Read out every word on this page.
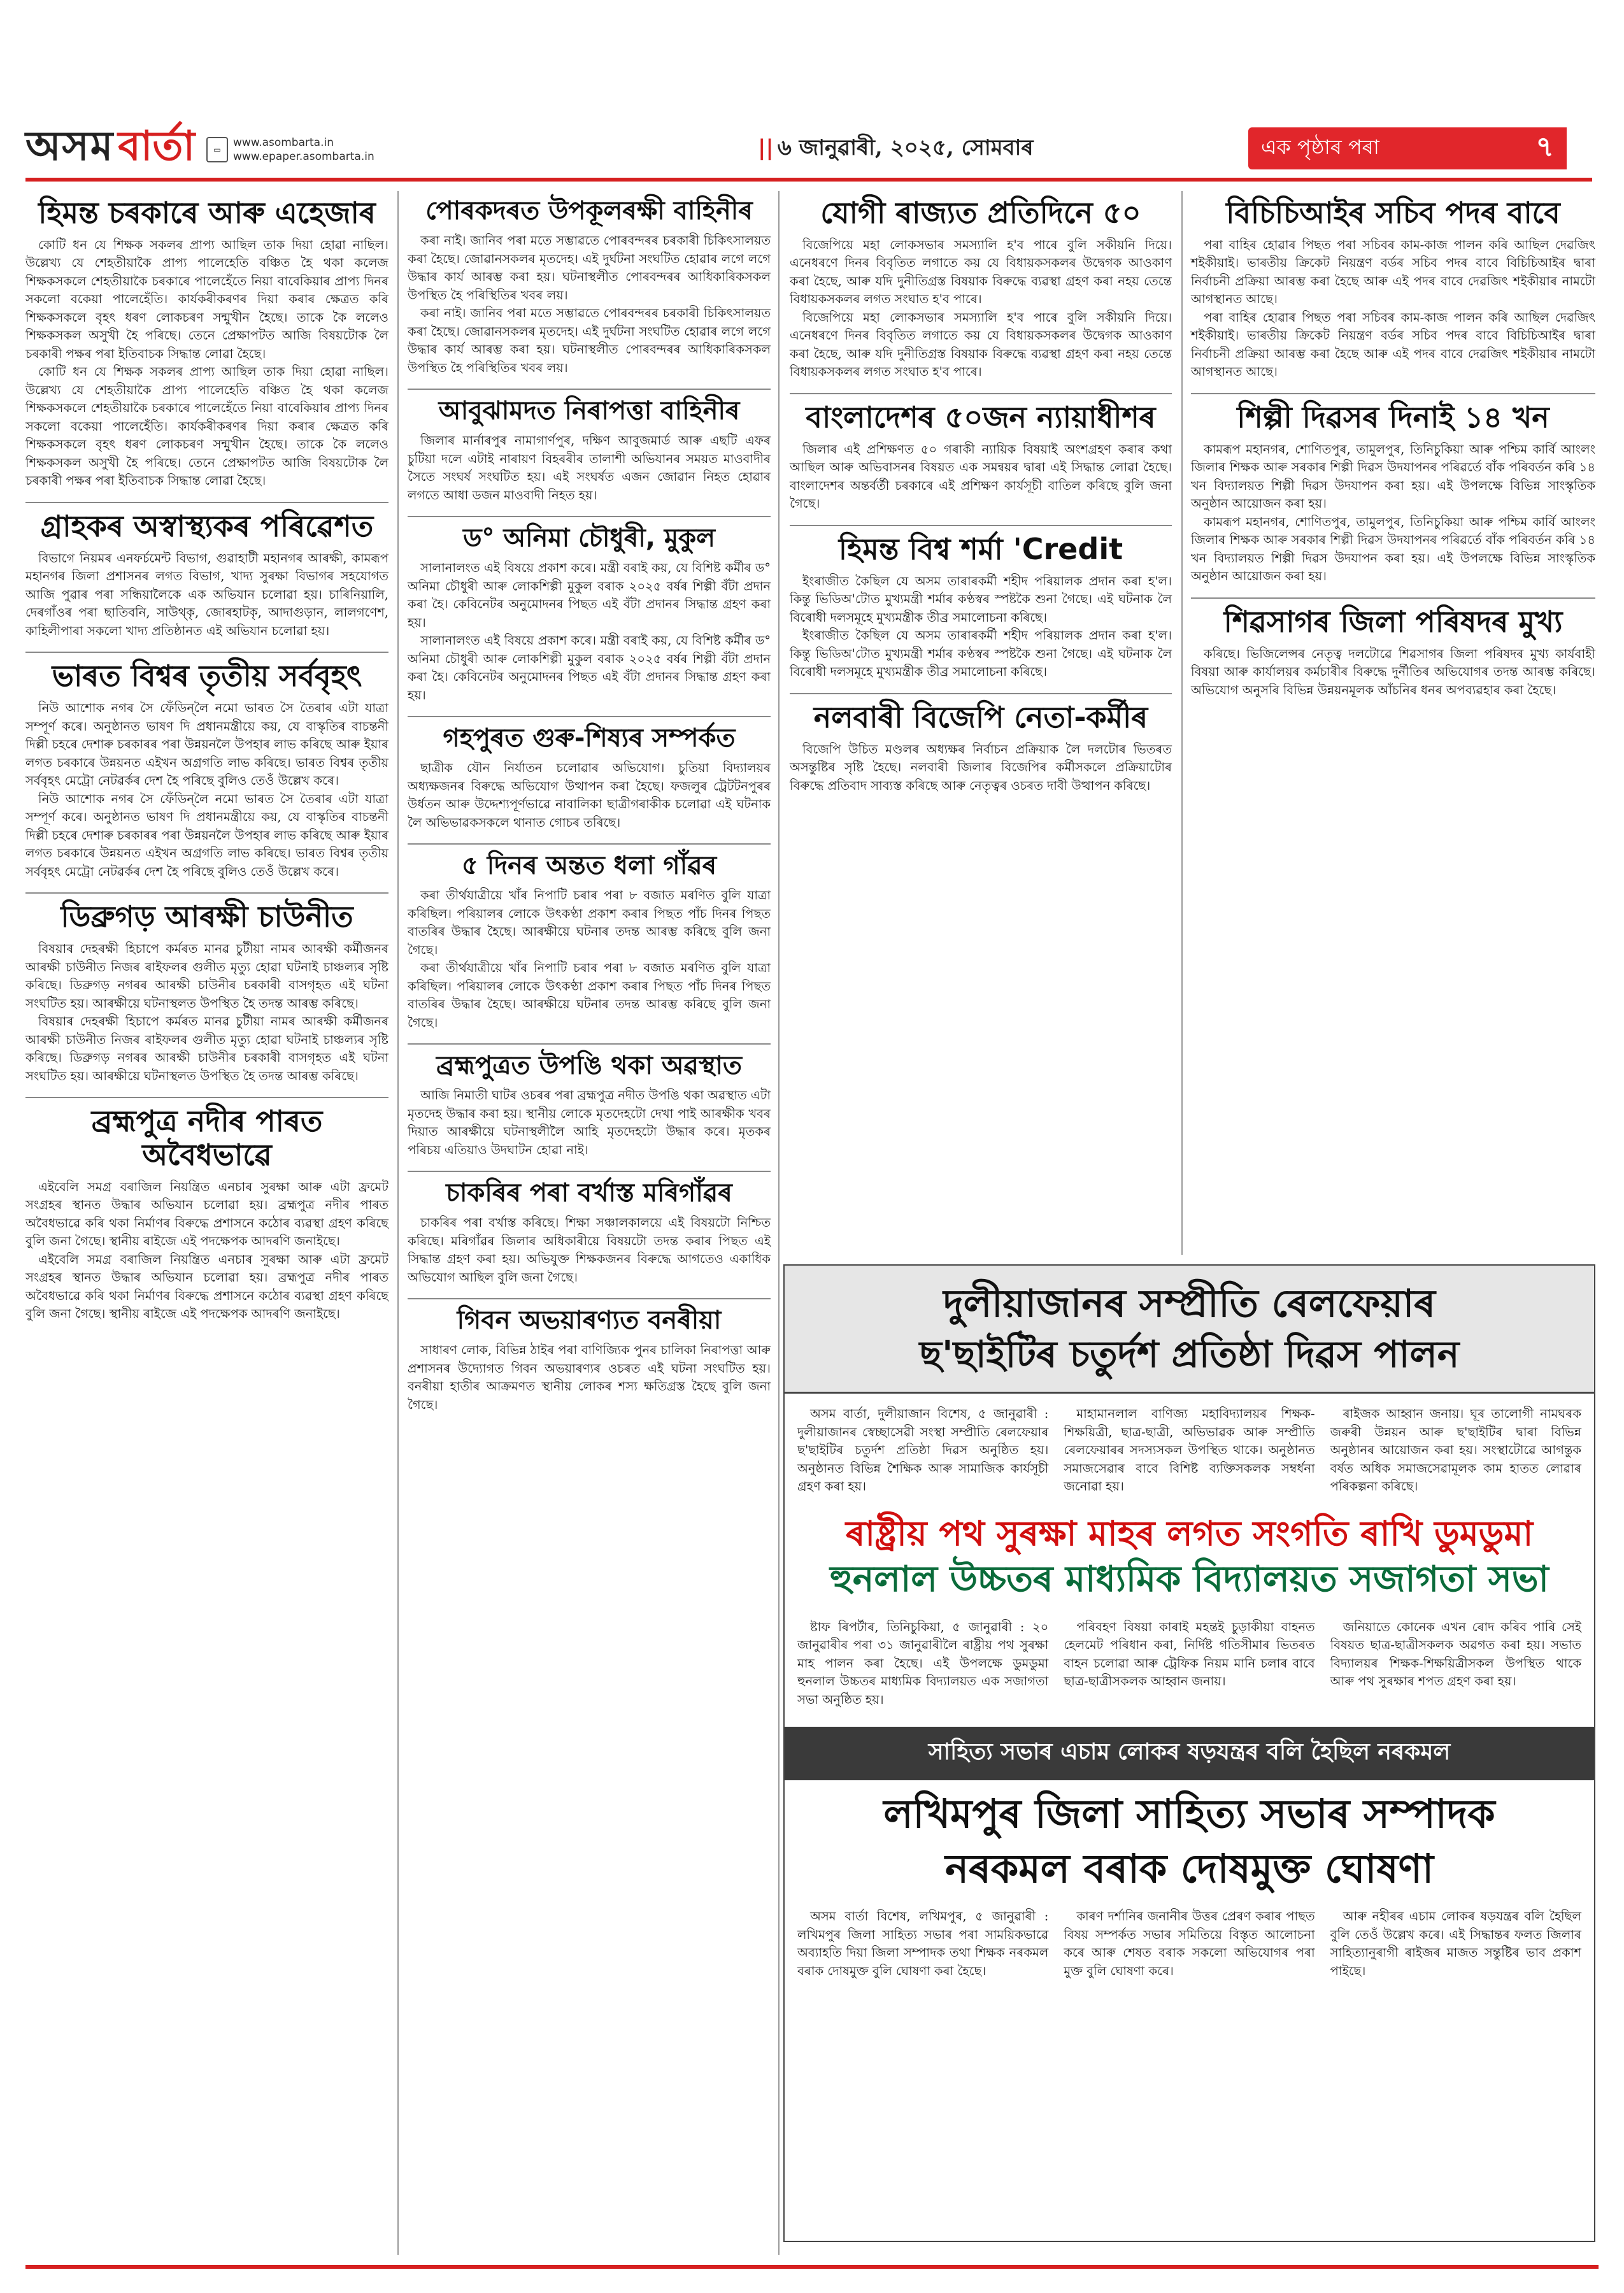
অসম বাৰ্তা	▭
www.asombarta.in
www.epaper.asombarta.in	|| ৬ জানুৱাৰী, ২০২৫, সোমবাৰ	এক পৃষ্ঠাৰ পৰা	৭
হিমন্ত চৰকাৰে আৰু এহেজাৰ

কোটি ধন যে শিক্ষক সকলৰ প্ৰাপ্য আছিল তাক দিয়া হোৱা নাছিল। উল্লেখ্য যে শেহতীয়াকৈ প্ৰাপ্য পালেহেতি বঞ্চিত হৈ থকা কলেজ শিক্ষকসকলে শেহতীয়াকৈ চৰকাৰে পালেহেঁতে নিয়া বাবেকিয়াৰ প্ৰাপ্য দিনৰ সকলো বকেয়া পালেহেঁতি। কাৰ্যকৰীকৰণৰ দিয়া কৰাৰ ক্ষেত্ৰত কৰি শিক্ষকসকলে বৃহৎ ধৰণ লোকচৰণ সন্মুখীন হৈছে। তাকে কৈ ললেও শিক্ষকসকল অসুখী হৈ পৰিছে। তেনে প্ৰেক্ষাপটত আজি বিষয়টোক লৈ চৰকাৰী পক্ষৰ পৰা ইতিবাচক সিদ্ধান্ত লোৱা হৈছে।

কোটি ধন যে শিক্ষক সকলৰ প্ৰাপ্য আছিল তাক দিয়া হোৱা নাছিল। উল্লেখ্য যে শেহতীয়াকৈ প্ৰাপ্য পালেহেতি বঞ্চিত হৈ থকা কলেজ শিক্ষকসকলে শেহতীয়াকৈ চৰকাৰে পালেহেঁতে নিয়া বাবেকিয়াৰ প্ৰাপ্য দিনৰ সকলো বকেয়া পালেহেঁতি। কাৰ্যকৰীকৰণৰ দিয়া কৰাৰ ক্ষেত্ৰত কৰি শিক্ষকসকলে বৃহৎ ধৰণ লোকচৰণ সন্মুখীন হৈছে। তাকে কৈ ললেও শিক্ষকসকল অসুখী হৈ পৰিছে। তেনে প্ৰেক্ষাপটত আজি বিষয়টোক লৈ চৰকাৰী পক্ষৰ পৰা ইতিবাচক সিদ্ধান্ত লোৱা হৈছে।

গ্ৰাহকৰ অস্বাস্থ্যকৰ পৰিৱেশত

বিভাগে নিয়মৰ এনফৰ্চমেন্ট বিভাগ, গুৱাহাটী মহানগৰ আৰক্ষী, কামৰূপ মহানগৰ জিলা প্ৰশাসনৰ লগত বিভাগ, খাদ্য সুৰক্ষা বিভাগৰ সহযোগত আজি পুৱাৰ পৰা সন্ধিয়ালৈকে এক অভিযান চলোৱা হয়। চাৰিনিয়ালি, দেৰগাঁওৰ পৰা ছাতিবনি, সাউথ্‌কৃ, জোৰহাটকৃ, আদাগুড়ান, লালগণেশ, কাহিলীপাৰা সকলো খাদ্য প্ৰতিষ্ঠানত এই অভিযান চলোৱা হয়।

ভাৰত বিশ্বৰ তৃতীয় সৰ্ববৃহৎ

নিউ আশোক নগৰ সৈ ফেঁডিন্‌লৈ নমো ভাৰত সৈ তৈৰাৰ এটা যাত্ৰা সম্পূৰ্ণ কৰে। অনুষ্ঠানত ভাষণ দি প্ৰধানমন্ত্ৰীয়ে কয়, যে বাস্কৃতিৰ বাচন্তনী দিল্লী চহৰে দেশাৰু চৰকাৰৰ পৰা উন্নয়নলৈ উপহাৰ লাভ কৰিছে আৰু ইয়াৰ লগত চৰকাৰে উন্নয়নত এইখন অগ্ৰগতি লাভ কৰিছে। ভাৰত বিশ্বৰ তৃতীয় সৰ্ববৃহৎ মেট্ৰো নেটৱৰ্কৰ দেশ হৈ পৰিছে বুলিও তেওঁ উল্লেখ কৰে।

নিউ আশোক নগৰ সৈ ফেঁডিন্‌লৈ নমো ভাৰত সৈ তৈৰাৰ এটা যাত্ৰা সম্পূৰ্ণ কৰে। অনুষ্ঠানত ভাষণ দি প্ৰধানমন্ত্ৰীয়ে কয়, যে বাস্কৃতিৰ বাচন্তনী দিল্লী চহৰে দেশাৰু চৰকাৰৰ পৰা উন্নয়নলৈ উপহাৰ লাভ কৰিছে আৰু ইয়াৰ লগত চৰকাৰে উন্নয়নত এইখন অগ্ৰগতি লাভ কৰিছে। ভাৰত বিশ্বৰ তৃতীয় সৰ্ববৃহৎ মেট্ৰো নেটৱৰ্কৰ দেশ হৈ পৰিছে বুলিও তেওঁ উল্লেখ কৰে।

ডিব্ৰুগড় আৰক্ষী চাউনীত

বিষয়াৰ দেহৰক্ষী হিচাপে কৰ্মৰত মানৱ চুটীয়া নামৰ আৰক্ষী কৰ্মীজনৰ আৰক্ষী চাউনীত নিজৰ ৰাইফলৰ গুলীত মৃত্যু হোৱা ঘটনাই চাঞ্চল্যৰ সৃষ্টি কৰিছে। ডিব্ৰুগড় নগৰৰ আৰক্ষী চাউনীৰ চৰকাৰী বাসগৃহত এই ঘটনা সংঘটিত হয়। আৰক্ষীয়ে ঘটনাস্থলত উপস্থিত হৈ তদন্ত আৰম্ভ কৰিছে।

বিষয়াৰ দেহৰক্ষী হিচাপে কৰ্মৰত মানৱ চুটীয়া নামৰ আৰক্ষী কৰ্মীজনৰ আৰক্ষী চাউনীত নিজৰ ৰাইফলৰ গুলীত মৃত্যু হোৱা ঘটনাই চাঞ্চল্যৰ সৃষ্টি কৰিছে। ডিব্ৰুগড় নগৰৰ আৰক্ষী চাউনীৰ চৰকাৰী বাসগৃহত এই ঘটনা সংঘটিত হয়। আৰক্ষীয়ে ঘটনাস্থলত উপস্থিত হৈ তদন্ত আৰম্ভ কৰিছে।

ব্ৰহ্মপুত্ৰ নদীৰ পাৰত অবৈধভাৱে

এইবেলি সমগ্ৰ বৰাজিল নিয়ন্ত্ৰিত এনচাৰ সুৰক্ষা আৰু এটা ফ্ৰমেট সংগ্ৰহৰ স্থানত উদ্ধাৰ অভিযান চলোৱা হয়। ব্ৰহ্মপুত্ৰ নদীৰ পাৰত অবৈধভাৱে কৰি থকা নিৰ্মাণৰ বিৰুদ্ধে প্ৰশাসনে কঠোৰ ব্যৱস্থা গ্ৰহণ কৰিছে বুলি জনা গৈছে। স্থানীয় ৰাইজে এই পদক্ষেপক আদৰণি জনাইছে।

এইবেলি সমগ্ৰ বৰাজিল নিয়ন্ত্ৰিত এনচাৰ সুৰক্ষা আৰু এটা ফ্ৰমেট সংগ্ৰহৰ স্থানত উদ্ধাৰ অভিযান চলোৱা হয়। ব্ৰহ্মপুত্ৰ নদীৰ পাৰত অবৈধভাৱে কৰি থকা নিৰ্মাণৰ বিৰুদ্ধে প্ৰশাসনে কঠোৰ ব্যৱস্থা গ্ৰহণ কৰিছে বুলি জনা গৈছে। স্থানীয় ৰাইজে এই পদক্ষেপক আদৰণি জনাইছে।

পোৰকদৰত উপকূলৰক্ষী বাহিনীৰ

কৰা নাই। জানিব পৰা মতে সম্ভাৱতে পোৰবন্দৰৰ চৰকাৰী চিকিৎসালয়ত কৰা হৈছে। জোৱানসকলৰ মৃতদেহ। এই দুৰ্ঘটনা সংঘটিত হোৱাৰ লগে লগে উদ্ধাৰ কাৰ্য আৰম্ভ কৰা হয়। ঘটনাস্থলীত পোৰবন্দৰৰ আধিকাৰিকসকল উপস্থিত হৈ পৰিস্থিতিৰ খবৰ লয়।

কৰা নাই। জানিব পৰা মতে সম্ভাৱতে পোৰবন্দৰৰ চৰকাৰী চিকিৎসালয়ত কৰা হৈছে। জোৱানসকলৰ মৃতদেহ। এই দুৰ্ঘটনা সংঘটিত হোৱাৰ লগে লগে উদ্ধাৰ কাৰ্য আৰম্ভ কৰা হয়। ঘটনাস্থলীত পোৰবন্দৰৰ আধিকাৰিকসকল উপস্থিত হৈ পৰিস্থিতিৰ খবৰ লয়।

আবুঝামদত নিৰাপত্তা বাহিনীৰ

জিলাৰ মাৰ্নাৰপুৰ নামাগাৰ্ণপুৰ, দক্ষিণ আবুজমাৰ্ড আৰু এছটি এফৰ চুটিয়া দলে এটাই নাৰায়ণ বিহৰৰীৰ তালাশী অভিযানৰ সময়ত মাওবাদীৰ সৈতে সংঘৰ্ষ সংঘটিত হয়। এই সংঘৰ্ষত এজন জোৱান নিহত হোৱাৰ লগতে আধা ডজন মাওবাদী নিহত হয়।

ড° অনিমা চৌধুৰী, মুকুল

সালানালংত এই বিষয়ে প্ৰকাশ কৰে। মন্ত্ৰী বৰাই কয়, যে বিশিষ্ট কৰ্মীৰ ড° অনিমা চৌধুৰী আৰু লোকশিল্পী মুকুল বৰাক ২০২৫ বৰ্ষৰ শিল্পী বঁটা প্ৰদান কৰা হৈ। কেবিনেটৰ অনুমোদনৰ পিছত এই বঁটা প্ৰদানৰ সিদ্ধান্ত গ্ৰহণ কৰা হয়।

সালানালংত এই বিষয়ে প্ৰকাশ কৰে। মন্ত্ৰী বৰাই কয়, যে বিশিষ্ট কৰ্মীৰ ড° অনিমা চৌধুৰী আৰু লোকশিল্পী মুকুল বৰাক ২০২৫ বৰ্ষৰ শিল্পী বঁটা প্ৰদান কৰা হৈ। কেবিনেটৰ অনুমোদনৰ পিছত এই বঁটা প্ৰদানৰ সিদ্ধান্ত গ্ৰহণ কৰা হয়।

গহপুৰত গুৰু-শিষ্যৰ সম্পৰ্কত

ছাত্ৰীক যৌন নিৰ্যাতন চলোৱাৰ অভিযোগ। চুতিয়া বিদ্যালয়ৰ অধ্যক্ষজনৰ বিৰুদ্ধে অভিযোগ উত্থাপন কৰা হৈছে। ফজলুৰ ট্ৰেটটনপুৰৰ উৰ্ধতন আৰু উদ্দেশ্যপূৰ্ণভাৱে নাবালিকা ছাত্ৰীগৰাকীক চলোৱা এই ঘটনাক লৈ অভিভাৱকসকলে থানাত গোচৰ তৰিছে।

৫ দিনৰ অন্তত ধলা গাঁৱৰ

কৰা তীৰ্থযাত্ৰীয়ে খাঁৰ নিপাটি চৰাৰ পৰা ৮ বজাত মৰণিত বুলি যাত্ৰা কৰিছিল। পৰিয়ালৰ লোকে উৎকণ্ঠা প্ৰকাশ কৰাৰ পিছত পাঁচ দিনৰ পিছত বাতৰিৰ উদ্ধাৰ হৈছে। আৰক্ষীয়ে ঘটনাৰ তদন্ত আৰম্ভ কৰিছে বুলি জনা গৈছে।

কৰা তীৰ্থযাত্ৰীয়ে খাঁৰ নিপাটি চৰাৰ পৰা ৮ বজাত মৰণিত বুলি যাত্ৰা কৰিছিল। পৰিয়ালৰ লোকে উৎকণ্ঠা প্ৰকাশ কৰাৰ পিছত পাঁচ দিনৰ পিছত বাতৰিৰ উদ্ধাৰ হৈছে। আৰক্ষীয়ে ঘটনাৰ তদন্ত আৰম্ভ কৰিছে বুলি জনা গৈছে।

ব্ৰহ্মপুত্ৰত উপঙি থকা অৱস্থাত

আজি নিমাতী ঘাটৰ ওচৰৰ পৰা ব্ৰহ্মপুত্ৰ নদীত উপঙি থকা অৱস্থাত এটা মৃতদেহ উদ্ধাৰ কৰা হয়। স্থানীয় লোকে মৃতদেহটো দেখা পাই আৰক্ষীক খবৰ দিয়াত আৰক্ষীয়ে ঘটনাস্থলীলৈ আহি মৃতদেহটো উদ্ধাৰ কৰে। মৃতকৰ পৰিচয় এতিয়াও উদঘাটন হোৱা নাই।

চাকৰিৰ পৰা বৰ্খাস্ত মৰিগাঁৱৰ

চাকৰিৰ পৰা বৰ্খাস্ত কৰিছে। শিক্ষা সঞ্চালকালয়ে এই বিষয়টো নিশ্চিত কৰিছে। মৰিগাঁৱৰ জিলাৰ অধিকাৰীয়ে বিষয়টো তদন্ত কৰাৰ পিছত এই সিদ্ধান্ত গ্ৰহণ কৰা হয়। অভিযুক্ত শিক্ষকজনৰ বিৰুদ্ধে আগতেও একাধিক অভিযোগ আছিল বুলি জনা গৈছে।

গিবন অভয়াৰণ্যত বনৰীয়া

সাধাৰণ লোক, বিভিন্ন ঠাইৰ পৰা বাণিজ্যিক পুনৰ চালিকা নিৰাপত্তা আৰু প্ৰশাসনৰ উদ্যোগত গিবন অভয়াৰণ্যৰ ওচৰত এই ঘটনা সংঘটিত হয়। বনৰীয়া হাতীৰ আক্ৰমণত স্থানীয় লোকৰ শস্য ক্ষতিগ্ৰস্ত হৈছে বুলি জনা গৈছে।

যোগী ৰাজ্যত প্ৰতিদিনে ৫০

বিজেপিয়ে মহা লোকসভাৰ সমস্যালি হ'ব পাৰে বুলি সকীয়নি দিয়ে। এনেধৰণে দিনৰ বিবৃতিত লগাতে কয় যে বিধায়কসকলৰ উদ্বেগক আওকাণ কৰা হৈছে, আৰু যদি দুনীতিগ্ৰস্ত বিষয়াক বিৰুদ্ধে ব্যৱস্থা গ্ৰহণ কৰা নহয় তেন্তে বিধায়কসকলৰ লগত সংঘাত হ'ব পাৰে।

বিজেপিয়ে মহা লোকসভাৰ সমস্যালি হ'ব পাৰে বুলি সকীয়নি দিয়ে। এনেধৰণে দিনৰ বিবৃতিত লগাতে কয় যে বিধায়কসকলৰ উদ্বেগক আওকাণ কৰা হৈছে, আৰু যদি দুনীতিগ্ৰস্ত বিষয়াক বিৰুদ্ধে ব্যৱস্থা গ্ৰহণ কৰা নহয় তেন্তে বিধায়কসকলৰ লগত সংঘাত হ'ব পাৰে।

বাংলাদেশৰ ৫০জন ন্যায়াধীশৰ

জিলাৰ এই প্ৰশিক্ষণত ৫০ গৰাকী ন্যায়িক বিষয়াই অংশগ্ৰহণ কৰাৰ কথা আছিল আৰু অভিবাসনৰ বিষয়ত এক সমন্বয়ৰ দ্বাৰা এই সিদ্ধান্ত লোৱা হৈছে। বাংলাদেশৰ অন্তৰ্বৰ্তী চৰকাৰে এই প্ৰশিক্ষণ কাৰ্যসূচী বাতিল কৰিছে বুলি জনা গৈছে।

হিমন্ত বিশ্ব শৰ্মা 'Credit

ইংৰাজীত কৈছিল যে অসম তাৰাৰকৰ্মী শহীদ পৰিয়ালক প্ৰদান কৰা হ'ল। কিন্তু ভিডিঅ'টোত মুখ্যমন্ত্ৰী শৰ্মাৰ কণ্ঠস্বৰ স্পষ্টকৈ শুনা গৈছে। এই ঘটনাক লৈ বিৰোধী দলসমূহে মুখ্যমন্ত্ৰীক তীব্ৰ সমালোচনা কৰিছে।

ইংৰাজীত কৈছিল যে অসম তাৰাৰকৰ্মী শহীদ পৰিয়ালক প্ৰদান কৰা হ'ল। কিন্তু ভিডিঅ'টোত মুখ্যমন্ত্ৰী শৰ্মাৰ কণ্ঠস্বৰ স্পষ্টকৈ শুনা গৈছে। এই ঘটনাক লৈ বিৰোধী দলসমূহে মুখ্যমন্ত্ৰীক তীব্ৰ সমালোচনা কৰিছে।

নলবাৰী বিজেপি নেতা-কৰ্মীৰ

বিজেপি উচিত মণ্ডলৰ অধ্যক্ষৰ নিৰ্বাচন প্ৰক্ৰিয়াক লৈ দলটোৰ ভিতৰত অসন্তুষ্টিৰ সৃষ্টি হৈছে। নলবাৰী জিলাৰ বিজেপিৰ কৰ্মীসকলে প্ৰক্ৰিয়াটোৰ বিৰুদ্ধে প্ৰতিবাদ সাব্যস্ত কৰিছে আৰু নেতৃত্বৰ ওচৰত দাবী উত্থাপন কৰিছে।

বিচিচিআইৰ সচিব পদৰ বাবে

পৰা বাহিৰ হোৱাৰ পিছত পৰা সচিবৰ কাম-কাজ পালন কৰি আছিল দেৱজিৎ শইকীয়াই। ভাৰতীয় ক্ৰিকেট নিয়ন্ত্ৰণ বৰ্ডৰ সচিব পদৰ বাবে বিচিচিআইৰ দ্বাৰা নিৰ্বাচনী প্ৰক্ৰিয়া আৰম্ভ কৰা হৈছে আৰু এই পদৰ বাবে দেৱজিৎ শইকীয়াৰ নামটো আগস্থানত আছে।

পৰা বাহিৰ হোৱাৰ পিছত পৰা সচিবৰ কাম-কাজ পালন কৰি আছিল দেৱজিৎ শইকীয়াই। ভাৰতীয় ক্ৰিকেট নিয়ন্ত্ৰণ বৰ্ডৰ সচিব পদৰ বাবে বিচিচিআইৰ দ্বাৰা নিৰ্বাচনী প্ৰক্ৰিয়া আৰম্ভ কৰা হৈছে আৰু এই পদৰ বাবে দেৱজিৎ শইকীয়াৰ নামটো আগস্থানত আছে।

শিল্পী দিৱসৰ দিনাই ১৪ খন

কামৰূপ মহানগৰ, শোণিতপুৰ, তামুলপুৰ, তিনিচুকিয়া আৰু পশ্চিম কাৰ্বি আংলং জিলাৰ শিক্ষক আৰু সৰকাৰ শিল্পী দিৱস উদযাপনৰ পৰিৱৰ্তে বাঁক পৰিবৰ্তন কৰি ১৪ খন বিদ্যালয়ত শিল্পী দিৱস উদযাপন কৰা হয়। এই উপলক্ষে বিভিন্ন সাংস্কৃতিক অনুষ্ঠান আয়োজন কৰা হয়।

কামৰূপ মহানগৰ, শোণিতপুৰ, তামুলপুৰ, তিনিচুকিয়া আৰু পশ্চিম কাৰ্বি আংলং জিলাৰ শিক্ষক আৰু সৰকাৰ শিল্পী দিৱস উদযাপনৰ পৰিৱৰ্তে বাঁক পৰিবৰ্তন কৰি ১৪ খন বিদ্যালয়ত শিল্পী দিৱস উদযাপন কৰা হয়। এই উপলক্ষে বিভিন্ন সাংস্কৃতিক অনুষ্ঠান আয়োজন কৰা হয়।

শিৱসাগৰ জিলা পৰিষদৰ মুখ্য

কৰিছে। ভিজিলেন্সৰ নেতৃত্ব দলটোৱে শিৱসাগৰ জিলা পৰিষদৰ মুখ্য কাৰ্যবাহী বিষয়া আৰু কাৰ্যালয়ৰ কৰ্মচাৰীৰ বিৰুদ্ধে দুৰ্নীতিৰ অভিযোগৰ তদন্ত আৰম্ভ কৰিছে। অভিযোগ অনুসৰি বিভিন্ন উন্নয়নমূলক আঁচনিৰ ধনৰ অপব্যৱহাৰ কৰা হৈছে।

দুলীয়াজানৰ সম্প্ৰীতি ৰেলফেয়াৰ
ছ'ছাইটিৰ চতুৰ্দশ প্ৰতিষ্ঠা দিৱস পালন

অসম বাৰ্তা, দুলীয়াজান বিশেষ, ৫ জানুৱাৰী : দুলীয়াজানৰ স্বেচ্ছাসেৱী সংস্থা সম্প্ৰীতি ৰেলফেয়াৰ ছ'ছাইটিৰ চতুৰ্দশ প্ৰতিষ্ঠা দিৱস অনুষ্ঠিত হয়। অনুষ্ঠানত বিভিন্ন শৈক্ষিক আৰু সামাজিক কাৰ্যসূচী গ্ৰহণ কৰা হয়।

মাহামানলাল বাণিজ্য মহাবিদ্যালয়ৰ শিক্ষক-শিক্ষয়িত্ৰী, ছাত্ৰ-ছাত্ৰী, অভিভাৱক আৰু সম্প্ৰীতি ৰেলফেয়াৰৰ সদস্যসকল উপস্থিত থাকে। অনুষ্ঠানত সমাজসেৱাৰ বাবে বিশিষ্ট ব্যক্তিসকলক সম্বৰ্ধনা জনোৱা হয়।

ৰাইজক আহ্বান জনায়। ঘূৰ তালোগী নামঘৰক জৰুৰী উন্নয়ন আৰু ছ'ছাইটিৰ দ্বাৰা বিভিন্ন অনুষ্ঠানৰ আয়োজন কৰা হয়। সংস্থাটোৱে আগন্তুক বৰ্ষত অধিক সমাজসেৱামূলক কাম হাতত লোৱাৰ পৰিকল্পনা কৰিছে।

ৰাষ্ট্ৰীয় পথ সুৰক্ষা মাহৰ লগত সংগতি ৰাখি ডুমডুমা
হুনলাল উচ্চতৰ মাধ্যমিক বিদ্যালয়ত সজাগতা সভা

ষ্টাফ ৰিপৰ্টাৰ, তিনিচুকিয়া, ৫ জানুৱাৰী : ২০ জানুৱাৰীৰ পৰা ৩১ জানুৱাৰীলৈ ৰাষ্ট্ৰীয় পথ সুৰক্ষা মাহ পালন কৰা হৈছে। এই উপলক্ষে ডুমডুমা হুনলাল উচ্চতৰ মাধ্যমিক বিদ্যালয়ত এক সজাগতা সভা অনুষ্ঠিত হয়।

পৰিবহণ বিষয়া কাৰাই মহন্তই চুড়াকীয়া বাহনত হেলমেট পৰিধান কৰা, নিৰ্দিষ্ট গতিসীমাৰ ভিতৰত বাহন চলোৱা আৰু ট্ৰেফিক নিয়ম মানি চলাৰ বাবে ছাত্ৰ-ছাত্ৰীসকলক আহ্বান জনায়।

জনিয়াতে কোনেক এখন ৰোদ কৰিব পাৰি সেই বিষয়ত ছাত্ৰ-ছাত্ৰীসকলক অৱগত কৰা হয়। সভাত বিদ্যালয়ৰ শিক্ষক-শিক্ষয়িত্ৰীসকল উপস্থিত থাকে আৰু পথ সুৰক্ষাৰ শপত গ্ৰহণ কৰা হয়।

সাহিত্য সভাৰ এচাম লোকৰ ষড়যন্ত্ৰৰ বলি হৈছিল নৰকমল
লখিমপুৰ জিলা সাহিত্য সভাৰ সম্পাদক
নৰকমল বৰাক দোষমুক্ত ঘোষণা

অসম বাৰ্তা বিশেষ, লখিমপুৰ, ৫ জানুৱাৰী : লখিমপুৰ জিলা সাহিত্য সভাৰ পৰা সাময়িকভাৱে অব্যাহতি দিয়া জিলা সম্পাদক তথা শিক্ষক নৰকমল বৰাক দোষমুক্ত বুলি ঘোষণা কৰা হৈছে।

কাৰণ দৰ্শানিৰ জনানীৰ উত্তৰ প্ৰেৰণ কৰাৰ পাছত বিষয় সম্পৰ্কত সভাৰ সমিতিয়ে বিস্তৃত আলোচনা কৰে আৰু শেষত বৰাক সকলো অভিযোগৰ পৰা মুক্ত বুলি ঘোষণা কৰে।

আৰু নহীৰৰ এচাম লোকৰ ষড়যন্ত্ৰৰ বলি হৈছিল বুলি তেওঁ উল্লেখ কৰে। এই সিদ্ধান্তৰ ফলত জিলাৰ সাহিত্যানুৰাগী ৰাইজৰ মাজত সন্তুষ্টিৰ ভাব প্ৰকাশ পাইছে।
